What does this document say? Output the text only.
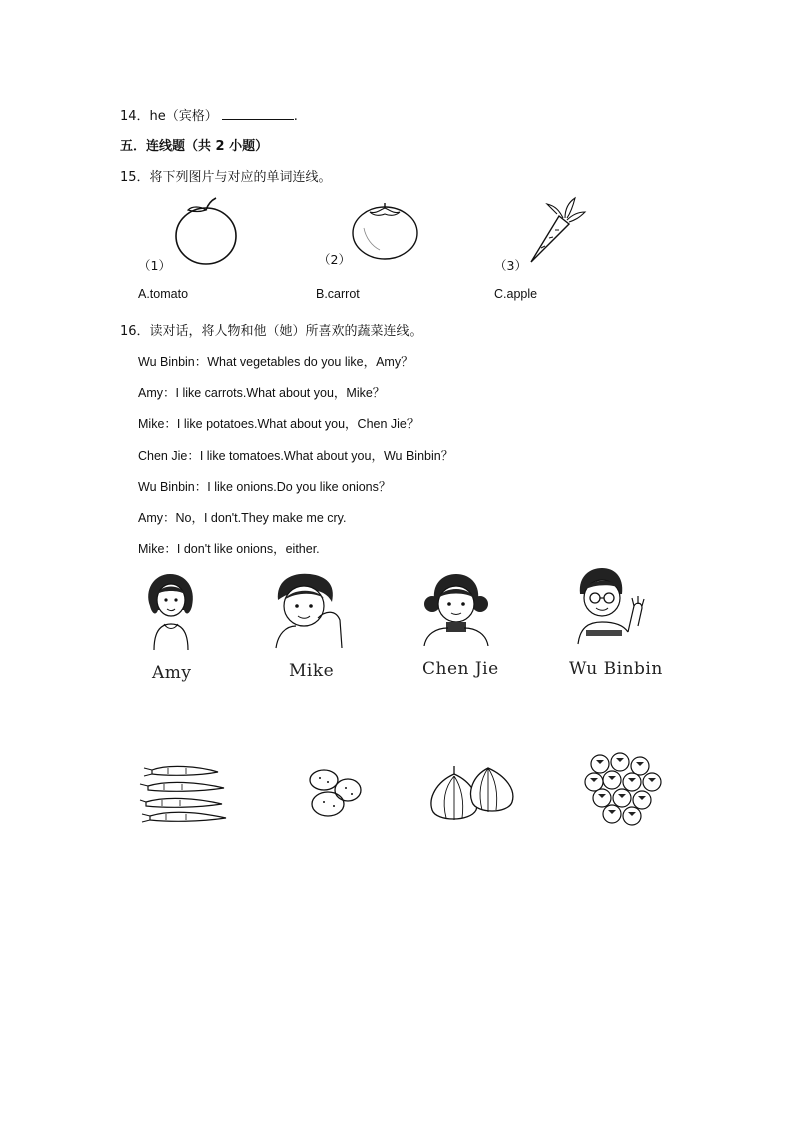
14．he（宾格）	.
五．连线题（共 2 小题）
15．将下列图片与对应的单词连线。
（1）	（2）	（3）
A.tomato	B.carrot	C.apple
16．读对话，将人物和他（她）所喜欢的蔬菜连线。
Wu Binbin：What vegetables do you like，Amy？
Amy：I like carrots.What about you，Mike？
Mike：I like potatoes.What about you，Chen Jie？
Chen Jie：I like tomatoes.What about you，Wu Binbin？
Wu Binbin：I like onions.Do you like onions？
Amy：No，I don't.They make me cry.
Mike：I don't like onions，either.
Amy	Mike	Chen Jie	Wu Binbin
